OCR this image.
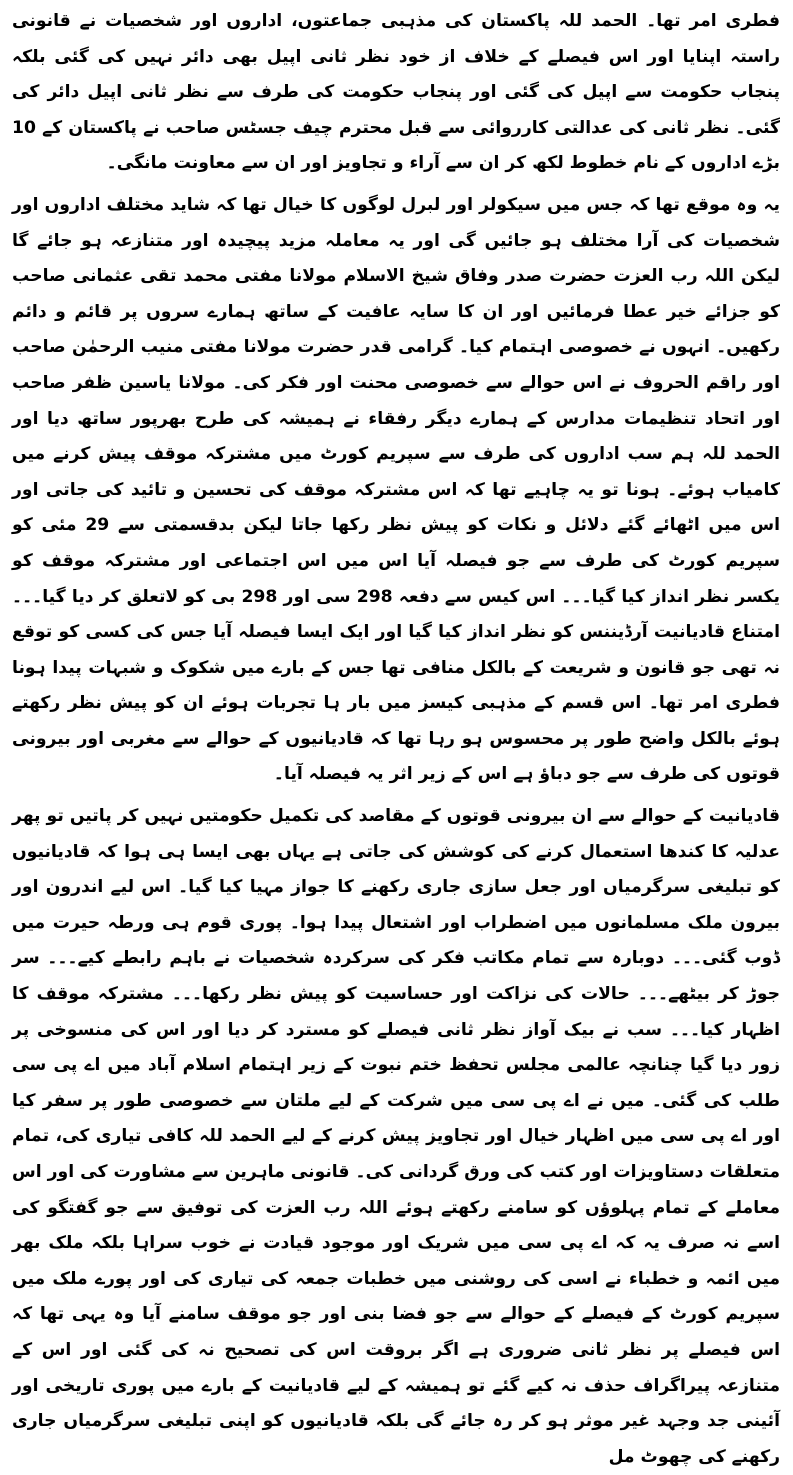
فطری امر تھا۔ الحمد للہ پاکستان کی مذہبی جماعتوں، اداروں اور شخصیات نے قانونی راستہ اپنایا اور اس فیصلے کے خلاف از خود نظر ثانی اپیل بھی دائر نہیں کی گئی بلکہ پنجاب حکومت سے اپیل کی گئی اور پنجاب حکومت کی طرف سے نظر ثانی اپیل دائر کی گئی۔ نظر ثانی کی عدالتی کارروائی سے قبل محترم چیف جسٹس صاحب نے پاکستان کے 10 بڑے اداروں کے نام خطوط لکھ کر ان سے آراء و تجاویز اور ان سے معاونت مانگی۔

یہ وہ موقع تھا کہ جس میں سیکولر اور لبرل لوگوں کا خیال تھا کہ شاید مختلف اداروں اور شخصیات کی آرا مختلف ہو جائیں گی اور یہ معاملہ مزید پیچیدہ اور متنازعہ ہو جائے گا لیکن اللہ رب العزت حضرت صدر وفاق شیخ الاسلام مولانا مفتی محمد تقی عثمانی صاحب کو جزائے خیر عطا فرمائیں اور ان کا سایہ عافیت کے ساتھ ہمارے سروں پر قائم و دائم رکھیں۔ انہوں نے خصوصی اہتمام کیا۔ گرامی قدر حضرت مولانا مفتی منیب الرحمٰن صاحب اور راقم الحروف نے اس حوالے سے خصوصی محنت اور فکر کی۔ مولانا یاسین ظفر صاحب اور اتحاد تنظیمات مدارس کے ہمارے دیگر رفقاء نے ہمیشہ کی طرح بھرپور ساتھ دیا اور الحمد للہ ہم سب اداروں کی طرف سے سپریم کورٹ میں مشترکہ موقف پیش کرنے میں کامیاب ہوئے۔ ہونا تو یہ چاہیے تھا کہ اس مشترکہ موقف کی تحسین و تائید کی جاتی اور اس میں اٹھائے گئے دلائل و نکات کو پیش نظر رکھا جاتا لیکن بدقسمتی سے 29 مئی کو سپریم کورٹ کی طرف سے جو فیصلہ آیا اس میں اس اجتماعی اور مشترکہ موقف کو یکسر نظر انداز کیا گیا۔۔۔ اس کیس سے دفعہ 298 سی اور 298 بی کو لاتعلق کر دیا گیا۔۔۔ امتناع قادیانیت آرڈیننس کو نظر انداز کیا گیا اور ایک ایسا فیصلہ آیا جس کی کسی کو توقع نہ تھی جو قانون و شریعت کے بالکل منافی تھا جس کے بارے میں شکوک و شبہات پیدا ہونا فطری امر تھا۔ اس قسم کے مذہبی کیسز میں بار ہا تجربات ہوئے ان کو پیش نظر رکھتے ہوئے بالکل واضح طور پر محسوس ہو رہا تھا کہ قادیانیوں کے حوالے سے مغربی اور بیرونی قوتوں کی طرف سے جو دباؤ ہے اس کے زیر اثر یہ فیصلہ آیا۔

قادیانیت کے حوالے سے ان بیرونی قوتوں کے مقاصد کی تکمیل حکومتیں نہیں کر پاتیں تو پھر عدلیہ کا کندھا استعمال کرنے کی کوشش کی جاتی ہے یہاں بھی ایسا ہی ہوا کہ قادیانیوں کو تبلیغی سرگرمیاں اور جعل سازی جاری رکھنے کا جواز مہیا کیا گیا۔ اس لیے اندرون اور بیرون ملک مسلمانوں میں اضطراب اور اشتعال پیدا ہوا۔ پوری قوم ہی ورطہ حیرت میں ڈوب گئی۔۔۔ دوبارہ سے تمام مکاتب فکر کی سرکردہ شخصیات نے باہم رابطے کیے۔۔۔ سر جوڑ کر بیٹھے۔۔۔ حالات کی نزاکت اور حساسیت کو پیش نظر رکھا۔۔۔ مشترکہ موقف کا اظہار کیا۔۔۔ سب نے بیک آواز نظر ثانی فیصلے کو مسترد کر دیا اور اس کی منسوخی پر زور دیا گیا چنانچہ عالمی مجلس تحفظ ختم نبوت کے زیر اہتمام اسلام آباد میں اے پی سی طلب کی گئی۔ میں نے اے پی سی میں شرکت کے لیے ملتان سے خصوصی طور پر سفر کیا اور اے پی سی میں اظہار خیال اور تجاویز پیش کرنے کے لیے الحمد للہ کافی تیاری کی، تمام متعلقات دستاویزات اور کتب کی ورق گردانی کی۔ قانونی ماہرین سے مشاورت کی اور اس معاملے کے تمام پہلوؤں کو سامنے رکھتے ہوئے اللہ رب العزت کی توفیق سے جو گفتگو کی اسے نہ صرف یہ کہ اے پی سی میں شریک اور موجود قیادت نے خوب سراہا بلکہ ملک بھر میں ائمہ و خطباء نے اسی کی روشنی میں خطبات جمعہ کی تیاری کی اور پورے ملک میں سپریم کورٹ کے فیصلے کے حوالے سے جو فضا بنی اور جو موقف سامنے آیا وہ یہی تھا کہ اس فیصلے پر نظر ثانی ضروری ہے اگر بروقت اس کی تصحیح نہ کی گئی اور اس کے متنازعہ پیراگراف حذف نہ کیے گئے تو ہمیشہ کے لیے قادیانیت کے بارے میں پوری تاریخی اور آئینی جد وجہد غیر موثر ہو کر رہ جائے گی بلکہ قادیانیوں کو اپنی تبلیغی سرگرمیاں جاری رکھنے کی چھوٹ مل
